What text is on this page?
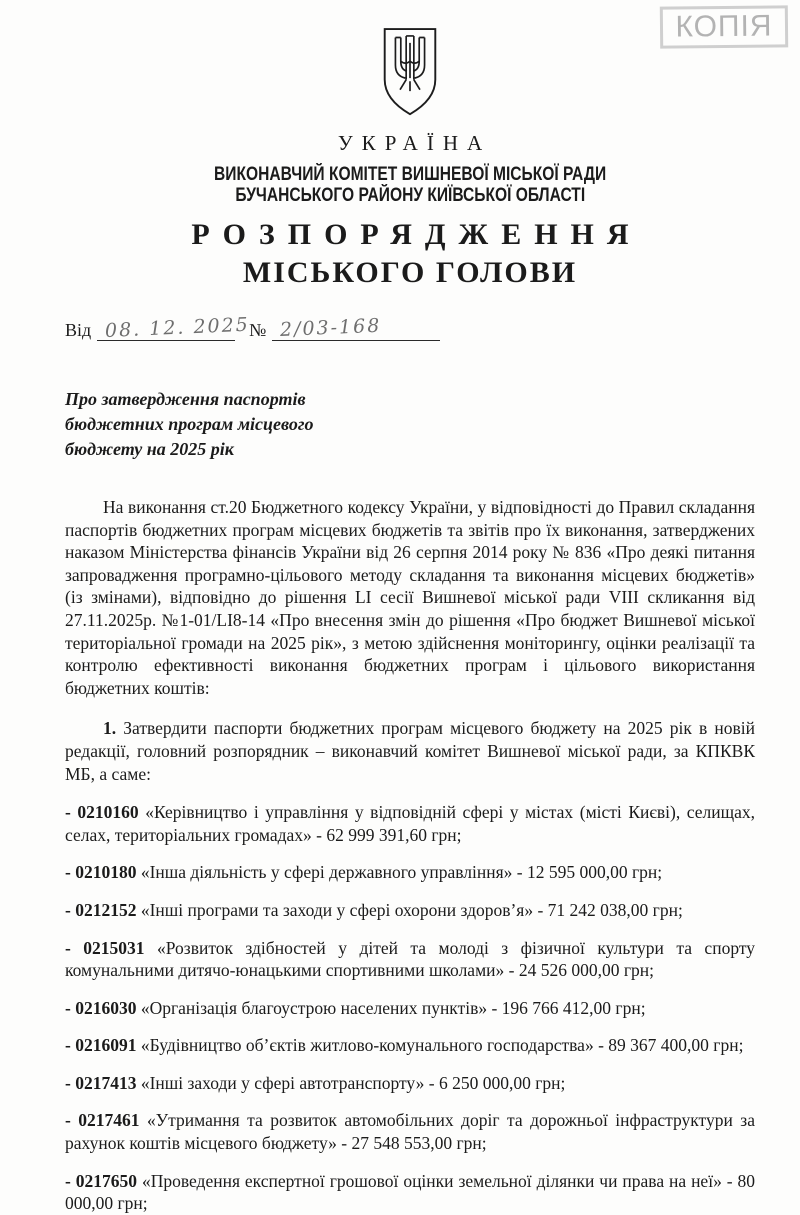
КОПІЯ
УКРАЇНА
ВИКОНАВЧИЙ КОМІТЕТ ВИШНЕВОЇ МІСЬКОЇ РАДИ
БУЧАНСЬКОГО РАЙОНУ КИЇВСЬКОЇ ОБЛАСТІ
РОЗПОРЯДЖЕННЯ
МІСЬКОГО ГОЛОВИ
Від 08. 12. 2025
№ 2/03-168
Про затвердження паспортів
бюджетних програм місцевого
бюджету на 2025 рік

На виконання ст.20 Бюджетного кодексу України, у відповідності до Правил складання паспортів бюджетних програм місцевих бюджетів та звітів про їх виконання, затверджених наказом Міністерства фінансів України від 26 серпня 2014 року № 836 «Про деякі питання запровадження програмно-цільового методу складання та виконання місцевих бюджетів» (із змінами), відповідно до рішення LI сесії Вишневої міської ради VIII скликання від 27.11.2025р. №1-01/LI8-14 «Про внесення змін до рішення «Про бюджет Вишневої міської територіальної громади на 2025 рік», з метою здійснення моніторингу, оцінки реалізації та контролю ефективності виконання бюджетних програм і цільового використання бюджетних коштів:

1. Затвердити паспорти бюджетних програм місцевого бюджету на 2025 рік в новій редакції, головний розпорядник – виконавчий комітет Вишневої міської ради, за КПКВК МБ, а саме:

- 0210160 «Керівництво і управління у відповідній сфері у містах (місті Києві), селищах, селах, територіальних громадах» - 62 999 391,60 грн;

- 0210180 «Інша діяльність у сфері державного управління» - 12 595 000,00 грн;

- 0212152 «Інші програми та заходи у сфері охорони здоров’я» - 71 242 038,00 грн;

- 0215031 «Розвиток здібностей у дітей та молоді з фізичної культури та спорту комунальними дитячо-юнацькими спортивними школами» - 24 526 000,00 грн;

- 0216030 «Організація благоустрою населених пунктів» - 196 766 412,00 грн;

- 0216091 «Будівництво об’єктів житлово-комунального господарства» - 89 367 400,00 грн;

- 0217413 «Інші заходи у сфері автотранспорту» - 6 250 000,00 грн;

- 0217461 «Утримання та розвиток автомобільних доріг та дорожньої інфраструктури за рахунок коштів місцевого бюджету» - 27 548 553,00 грн;

- 0217650 «Проведення експертної грошової оцінки земельної ділянки чи права на неї» - 80 000,00 грн;
